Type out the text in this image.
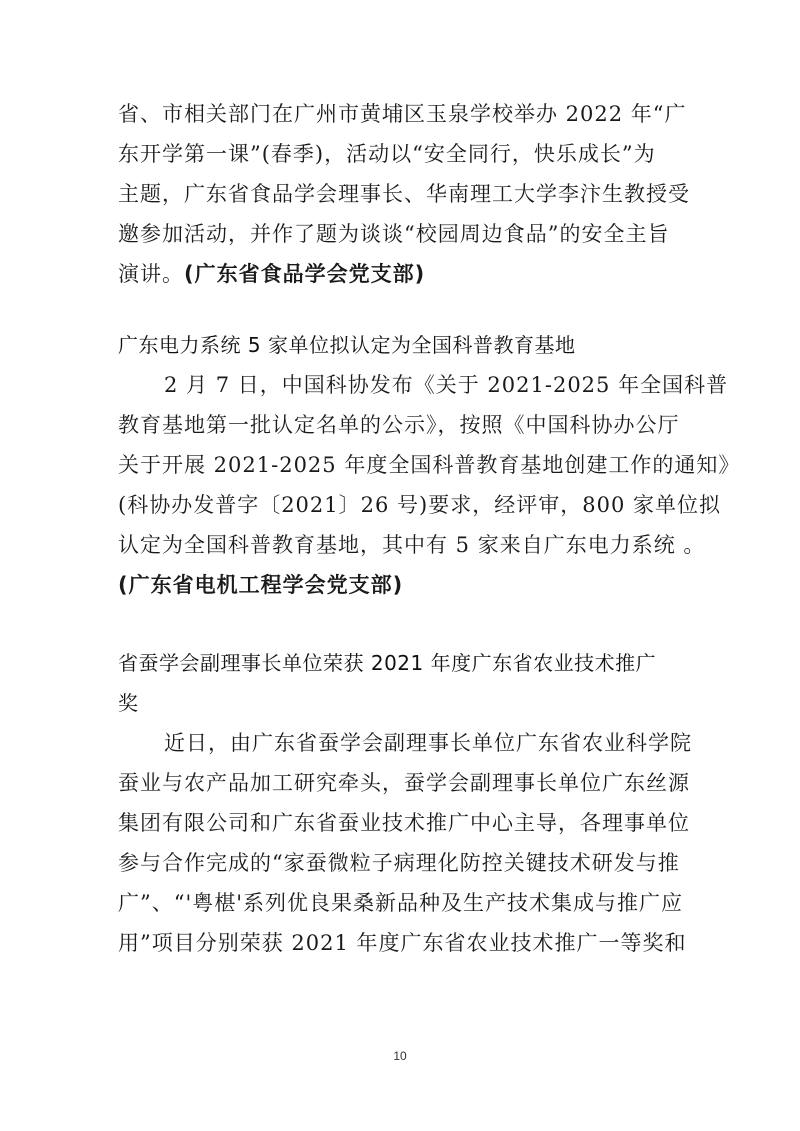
省、市相关部门在广州市黄埔区玉泉学校举办 2022 年“广
东开学第一课”(春季)，活动以“安全同行，快乐成长”为
主题，广东省食品学会理事长、华南理工大学李汴生教授受
邀参加活动，并作了题为谈谈“校园周边食品”的安全主旨
演讲。(广东省食品学会党支部)
广东电力系统 5 家单位拟认定为全国科普教育基地
2 月 7 日，中国科协发布《关于 2021-2025 年全国科普
教育基地第一批认定名单的公示》，按照《中国科协办公厅
关于开展 2021-2025 年度全国科普教育基地创建工作的通知》
(科协办发普字〔2021〕26 号)要求，经评审，800 家单位拟
认定为全国科普教育基地，其中有 5 家来自广东电力系统 。
(广东省电机工程学会党支部)
省蚕学会副理事长单位荣获 2021 年度广东省农业技术推广
奖
近日，由广东省蚕学会副理事长单位广东省农业科学院
蚕业与农产品加工研究牵头，蚕学会副理事长单位广东丝源
集团有限公司和广东省蚕业技术推广中心主导，各理事单位
参与合作完成的“家蚕微粒子病理化防控关键技术研发与推
广”、“'粤椹'系列优良果桑新品种及生产技术集成与推广应
用”项目分别荣获 2021 年度广东省农业技术推广一等奖和
10
